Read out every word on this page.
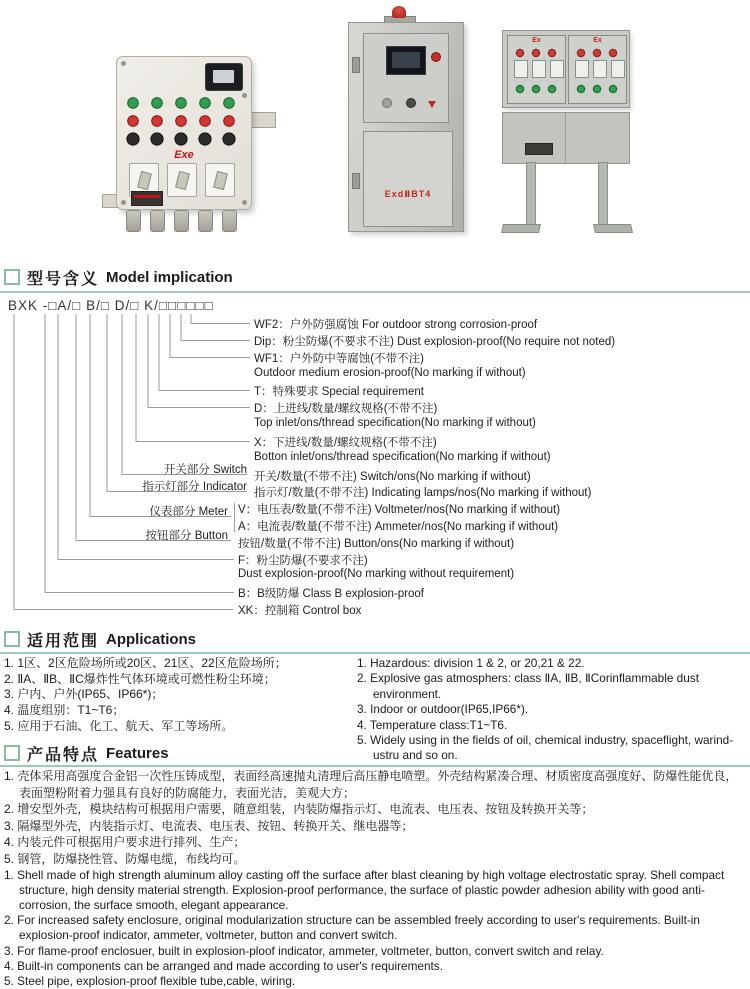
Exe
ExdⅡBT4
Ex	Ex
型号含义 Model implication
BXK -□A/□ B/□ D/□ K/□□□□□□
WF2：户外防强腐蚀 For outdoor strong corrosion-proof
Dip：粉尘防爆(不要求不注) Dust explosion-proof(No require not noted)
WF1：户外防中等腐蚀(不带不注)
Outdoor medium erosion-proof(No marking if without)
T：特殊要求 Special requirement
D：上进线/数量/螺纹规格(不带不注)
Top inlet/ons/thread specification(No marking if without)
X：下进线/数量/螺纹规格(不带不注)
Botton inlet/ons/thread specification(No marking if without)
开关/数量(不带不注) Switch/ons(No marking if without)
指示灯/数量(不带不注) Indicating lamps/nos(No marking if without)
V：电压表/数量(不带不注) Voltmeter/nos(No marking if without)
A：电流表/数量(不带不注) Ammeter/nos(No marking if without)
按钮/数量(不带不注) Button/ons(No marking if without)
F：粉尘防爆(不要求不注)
Dust explosion-proof(No marking without requirement)
B：B级防爆 Class B explosion-proof
XK：控制箱 Control box
开关部分 Switch
指示灯部分 Indicator
仪表部分 Meter
按钮部分 Button
适用范围 Applications
1. 1区、2区危险场所或20区、21区、22区危险场所；
2. ⅡA、ⅡB、ⅡC爆炸性气体环境或可燃性粉尘环境；
3. 户内、户外(IP65、IP66*)；
4. 温度组别：T1~T6；
5. 应用于石油、化工、航天、军工等场所。
1. Hazardous: division 1 & 2, or 20,21 & 22.
2. Explosive gas atmosphers: class ⅡA, ⅡB, ⅡCorinflammable dust environment.
3. Indoor or outdoor(IP65,IP66*).
4. Temperature class:T1~T6.
5. Widely using in the fields of oil, chemical industry, spaceflight, warind-ustru and so on.
产品特点 Features
1. 壳体采用高强度合金铝一次性压铸成型，表面经高速抛丸清理后高压静电喷塑。外壳结构紧凑合理、材质密度高强度好、防爆性能优良，表面塑粉附着力强具有良好的防腐能力，表面光洁，美观大方；
2. 增安型外壳，模块结构可根据用户需要，随意组装，内装防爆指示灯、电流表、电压表、按钮及转换开关等；
3. 隔爆型外壳，内装指示灯、电流表、电压表、按钮、转换开关、继电器等；
4. 内装元件可根据用户要求进行排列、生产；
5. 钢管，防爆挠性管、防爆电缆，布线均可。
1. Shell made of high strength aluminum alloy casting off the surface after blast cleaning by high voltage electrostatic spray. Shell compact structure, high density material strength. Explosion-proof performance, the surface of plastic powder adhesion ability with good anti-corrosion, the surface smooth, elegant appearance.
2. For increased safety enclosure, original modularization structure can be assembled freely according to user's requirements. Built-in explosion-proof indicator, ammeter, voltmeter, button and convert switch.
3. For flame-proof enclosuer, built in explosion-ploof indicator, ammeter, voltmeter, button, convert switch and relay.
4. Built-in components can be arranged and made according to user's requirements.
5. Steel pipe, explosion-proof flexible tube,cable, wiring.
